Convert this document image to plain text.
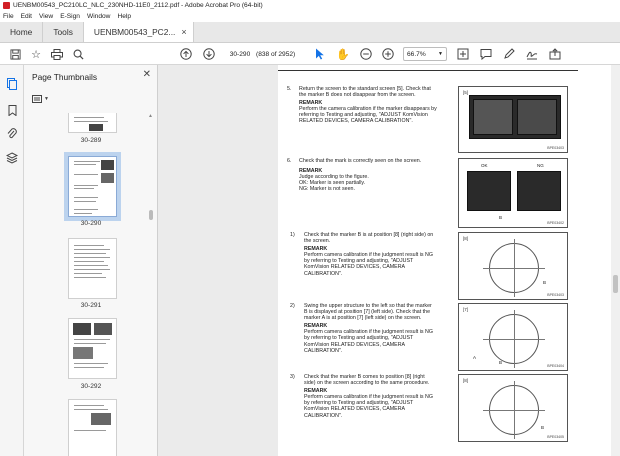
UENBM00543_PC210LC_NLC_230NHD-11E0_2112.pdf - Adobe Acrobat Pro (64-bit)
File Edit View E-Sign Window Help
Home	Tools	UENBM00543_PC2... ×
☆	30-290 (838 of 2952)	✋	66.7% ▼
Page Thumbnails	✕
▼
30-289
30-290
30-291
30-292
▲
5. Return the screen to the standard screen [5]. Check that the marker B does not disappear from the screen.
REMARK
Perform the camera calibration if the marker disappears by referring to Testing and adjusting, "ADJUST KomVision RELATED DEVICES, CAMERA CALIBRATION".
[5]
BPE03403
6. Check that the mark is correctly seen on the screen.
REMARK
Judge according to the figure.
OK: Marker is seen partially.
NG: Marker is not seen.
OK	NG
B
BPE03402
1) Check that the marker B is at position [8] (right side) on the screen.
REMARK
Perform camera calibration if the judgment result is NG by referring to Testing and adjusting, "ADJUST KomVision RELATED DEVICES, CAMERA CALIBRATION".
[8]
B
BPE03403
2) Swing the upper structure to the left so that the marker B is displayed at position [7] (left side). Check that the marker A is at position [7] (left side) on the screen.
REMARK
Perform camera calibration if the judgment result is NG by referring to Testing and adjusting, "ADJUST KomVision RELATED DEVICES, CAMERA CALIBRATION".
[7]
A
B
BPE03404
3) Check that the marker B comes to position [8] (right side) on the screen according to the same procedure.
REMARK
Perform camera calibration if the judgment result is NG by referring to Testing and adjusting, "ADJUST KomVision RELATED DEVICES, CAMERA CALIBRATION".
[8]
B
BPE03405
